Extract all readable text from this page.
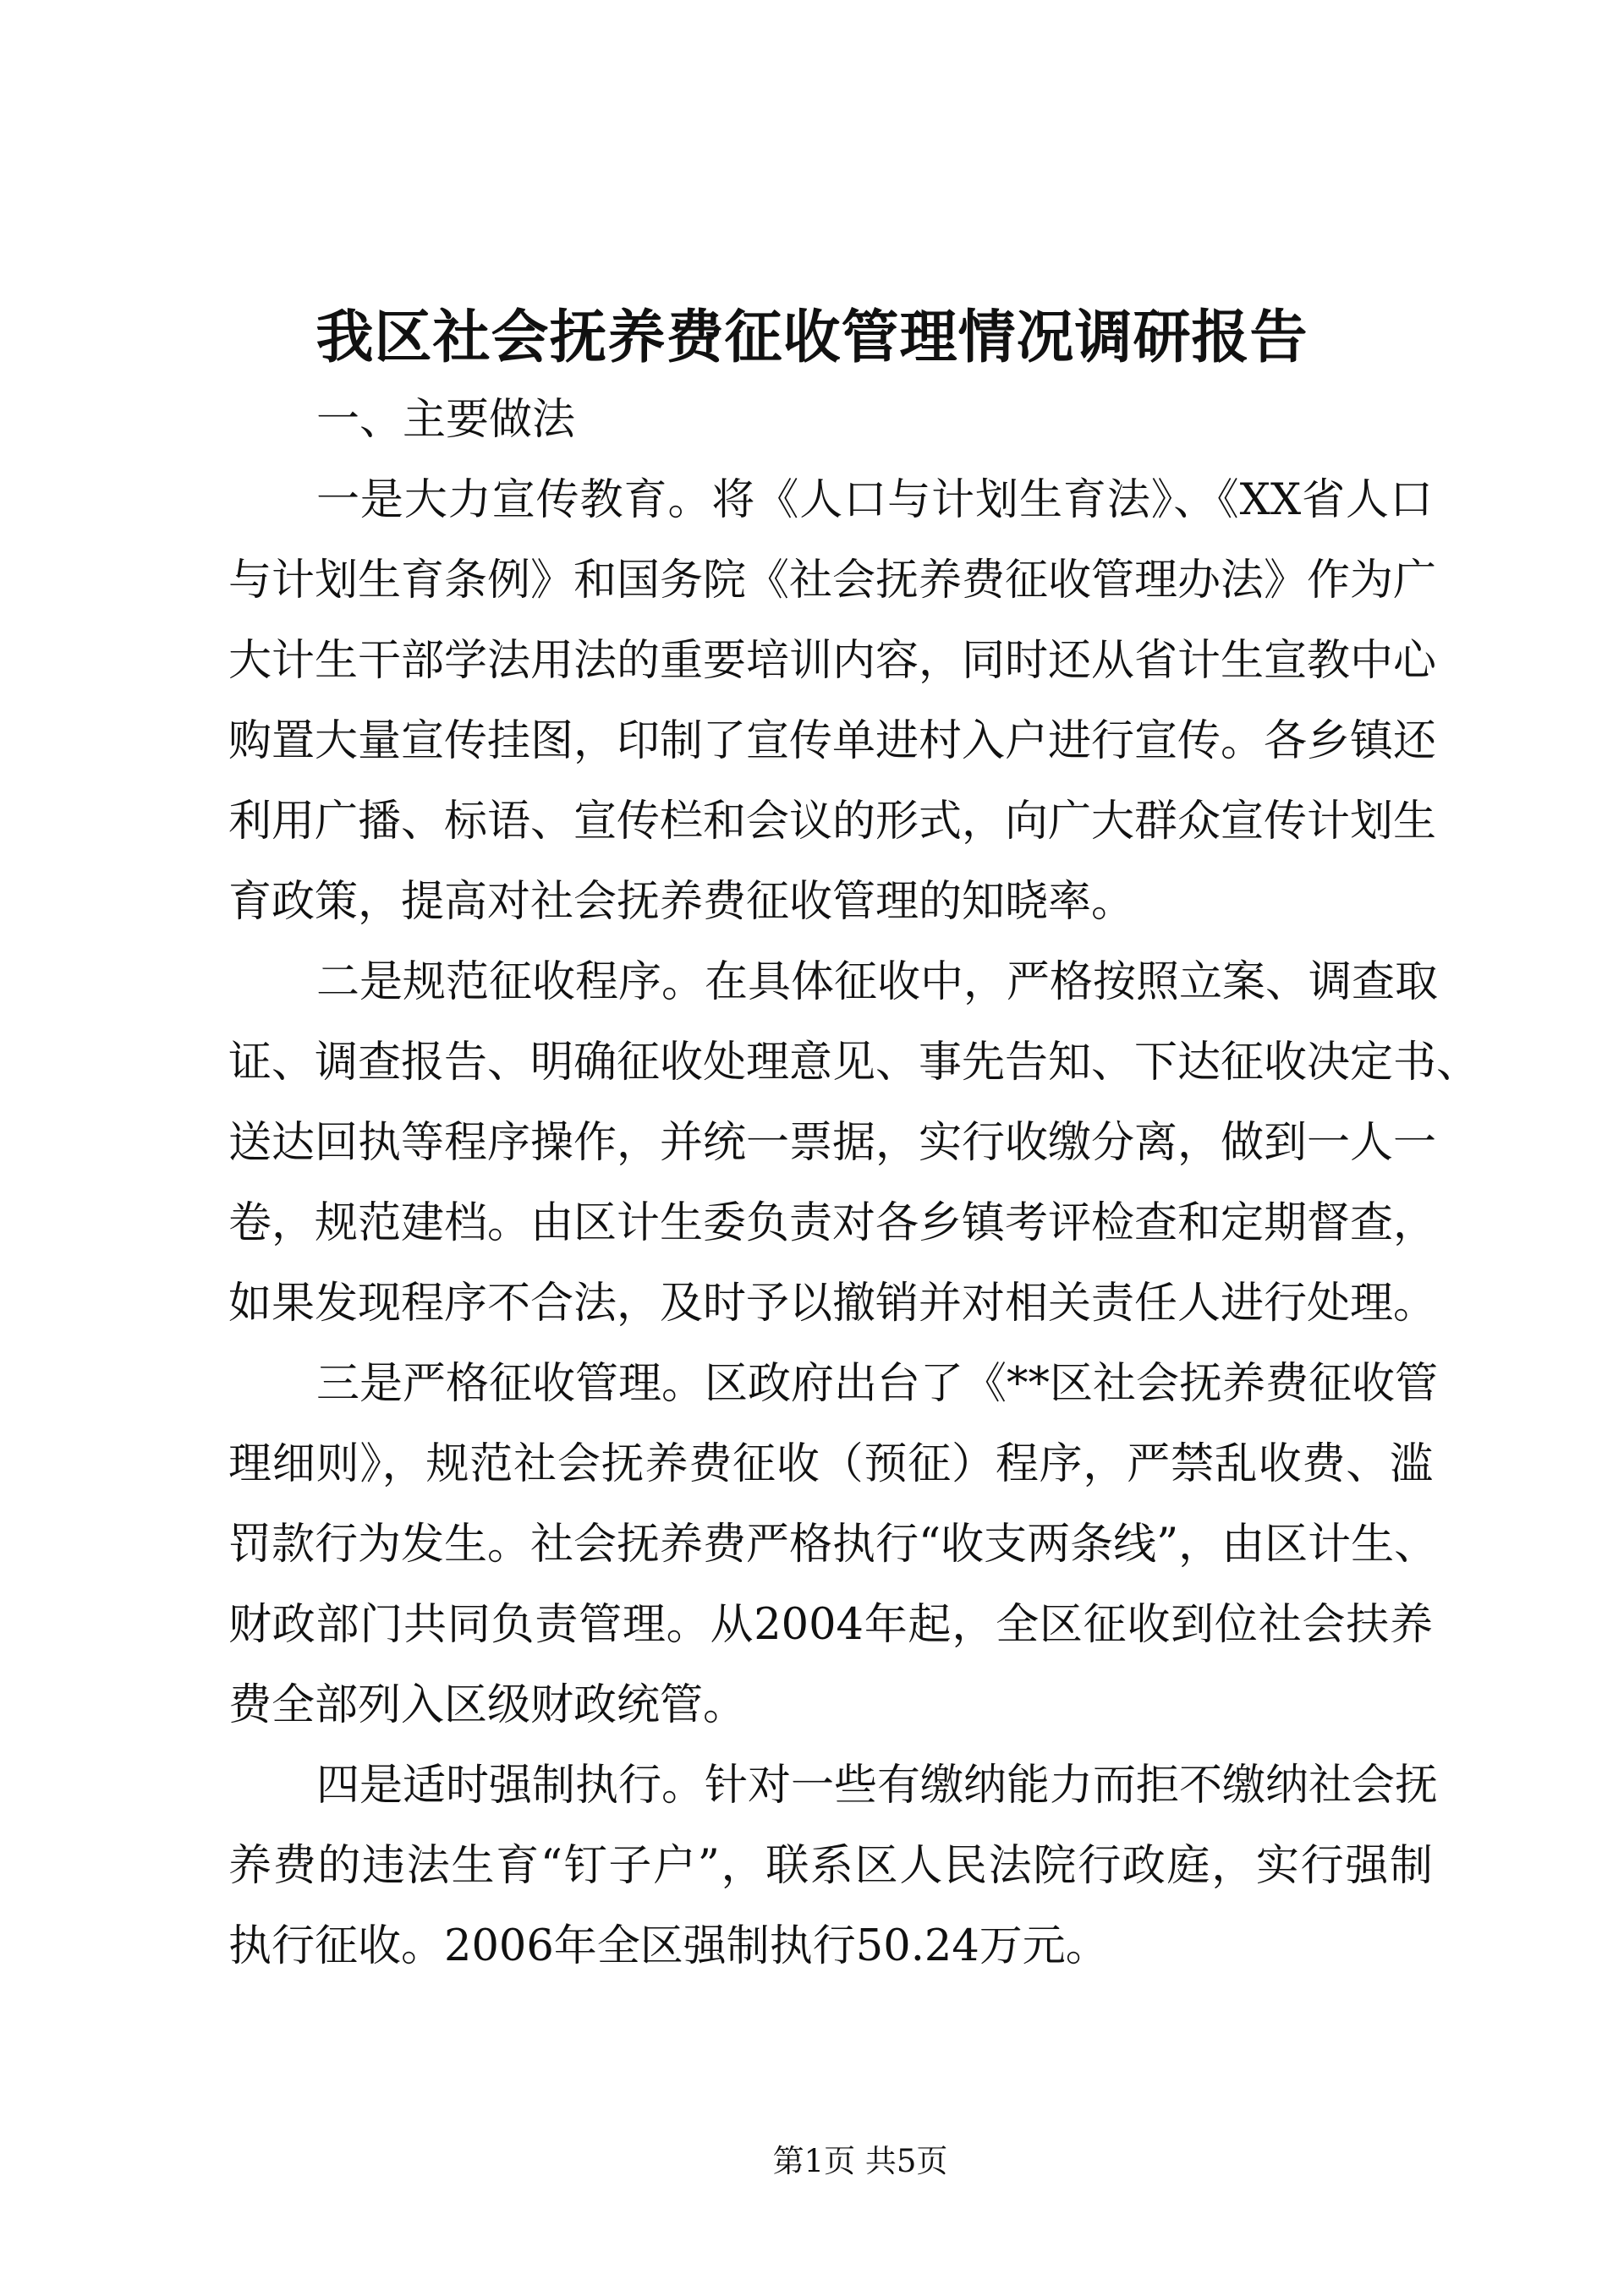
我区社会抚养费征收管理情况调研报告
一、主要做法
一是大力宣传教育。将《人口与计划生育法》、《XX省人口
与计划生育条例》和国务院《社会抚养费征收管理办法》作为广
大计生干部学法用法的重要培训内容，同时还从省计生宣教中心
购置大量宣传挂图，印制了宣传单进村入户进行宣传。各乡镇还
利用广播、标语、宣传栏和会议的形式，向广大群众宣传计划生
育政策，提高对社会抚养费征收管理的知晓率。
二是规范征收程序。在具体征收中，严格按照立案、调查取
证、调查报告、明确征收处理意见、事先告知、下达征收决定书、
送达回执等程序操作，并统一票据，实行收缴分离，做到一人一
卷，规范建档。由区计生委负责对各乡镇考评检查和定期督查，
如果发现程序不合法，及时予以撤销并对相关责任人进行处理。
三是严格征收管理。区政府出台了《**区社会抚养费征收管
理细则》，规范社会抚养费征收（预征）程序，严禁乱收费、滥
罚款行为发生。社会抚养费严格执行“收支两条线”，由区计生、
财政部门共同负责管理。从2004年起，全区征收到位社会扶养
费全部列入区级财政统管。
四是适时强制执行。针对一些有缴纳能力而拒不缴纳社会抚
养费的违法生育“钉子户”，联系区人民法院行政庭，实行强制
执行征收。2006年全区强制执行50.24万元。
第1页 共5页
